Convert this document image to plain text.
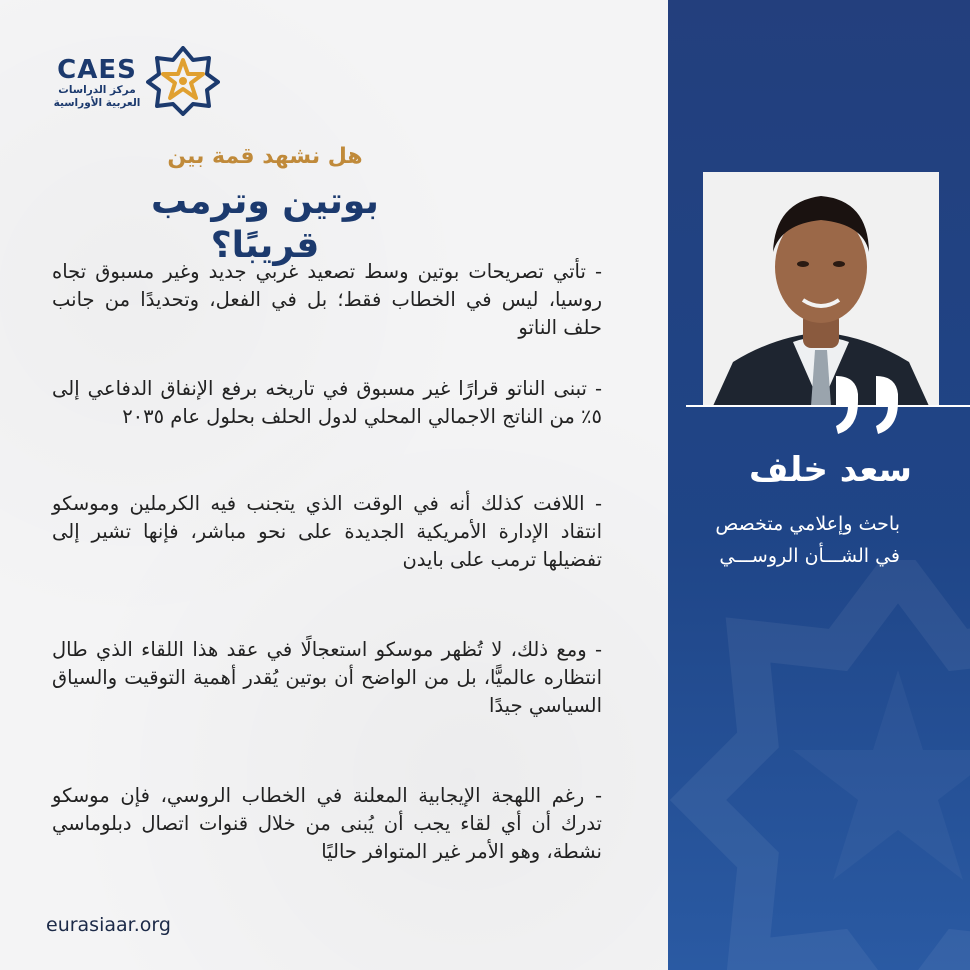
CAES
مركز الدراسات
العربية الأوراسية
هل نشهد قمة بين
بوتين وترمب قريبًا؟
- تأتي تصريحات بوتين وسط تصعيد غربي جديد وغير مسبوق تجاه روسيا، ليس في الخطاب فقط؛ بل في الفعل، وتحديدًا من جانب حلف الناتو
- تبنى الناتو قرارًا غير مسبوق في تاريخه برفع الإنفاق الدفاعي إلى ٥٪ من الناتج الاجمالي المحلي لدول الحلف بحلول عام ٢٠٣٥
- اللافت كذلك أنه في الوقت الذي يتجنب فيه الكرملين وموسكو انتقاد الإدارة الأمريكية الجديدة على نحو مباشر، فإنها تشير إلى تفضيلها ترمب على بايدن
- ومع ذلك، لا تُظهر موسكو استعجالًا في عقد هذا اللقاء الذي طال انتظاره عالميًّا، بل من الواضح أن بوتين يُقدر أهمية التوقيت والسياق السياسي جيدًا
- رغم اللهجة الإيجابية المعلنة في الخطاب الروسي، فإن موسكو تدرك أن أي لقاء يجب أن يُبنى من خلال قنوات اتصال دبلوماسي نشطة، وهو الأمر غير المتوافر حاليًا
eurasiaar.org
سعد خلف
باحث وإعلامي متخصص
في الشـــأن الروســـي
